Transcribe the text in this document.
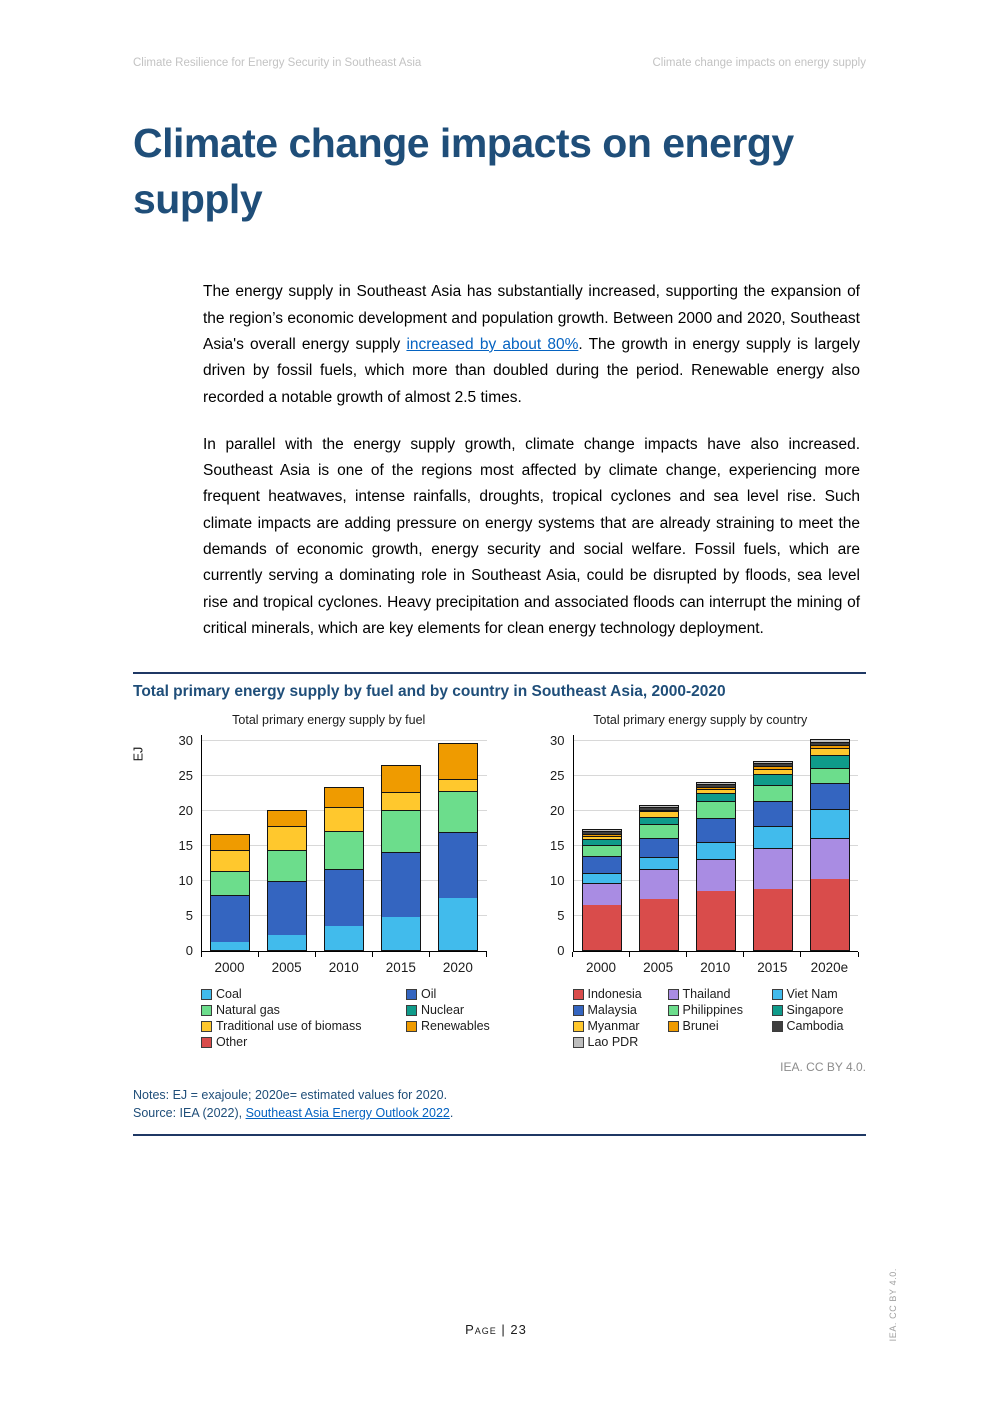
Climate Resilience for Energy Security in Southeast Asia	Climate change impacts on energy supply
Climate change impacts on energy supply

The energy supply in Southeast Asia has substantially increased, supporting the expansion of the region’s economic development and population growth. Between 2000 and 2020, Southeast Asia's overall energy supply increased by about 80%. The growth in energy supply is largely driven by fossil fuels, which more than doubled during the period. Renewable energy also recorded a notable growth of almost 2.5 times.

In parallel with the energy supply growth, climate change impacts have also increased. Southeast Asia is one of the regions most affected by climate change, experiencing more frequent heatwaves, intense rainfalls, droughts, tropical cyclones and sea level rise. Such climate impacts are adding pressure on energy systems that are already straining to meet the demands of economic growth, energy security and social welfare. Fossil fuels, which are currently serving a dominating role in Southeast Asia, could be disrupted by floods, sea level rise and tropical cyclones. Heavy precipitation and associated floods can interrupt the mining of critical minerals, which are key elements for clean energy technology deployment.

Total primary energy supply by fuel and by country in Southeast Asia, 2000-2020
Total primary energy supply by fuel
EJ
0
5
10
15
20
25
30
2000	2005	2010	2015	2020
Coal	Oil
Natural gas	Nuclear
Traditional use of biomass	Renewables
Other
Total primary energy supply by country
0
5
10
15
20
25
30
2000	2005	2010	2015	2020e
Indonesia	Thailand	Viet Nam
Malaysia	Philippines	Singapore
Myanmar	Brunei	Cambodia
Lao PDR
IEA. CC BY 4.0.
Notes: EJ = exajoule; 2020e= estimated values for 2020.
Source: IEA (2022), Southeast Asia Energy Outlook 2022.
Page | 23	IEA. CC BY 4.0.
